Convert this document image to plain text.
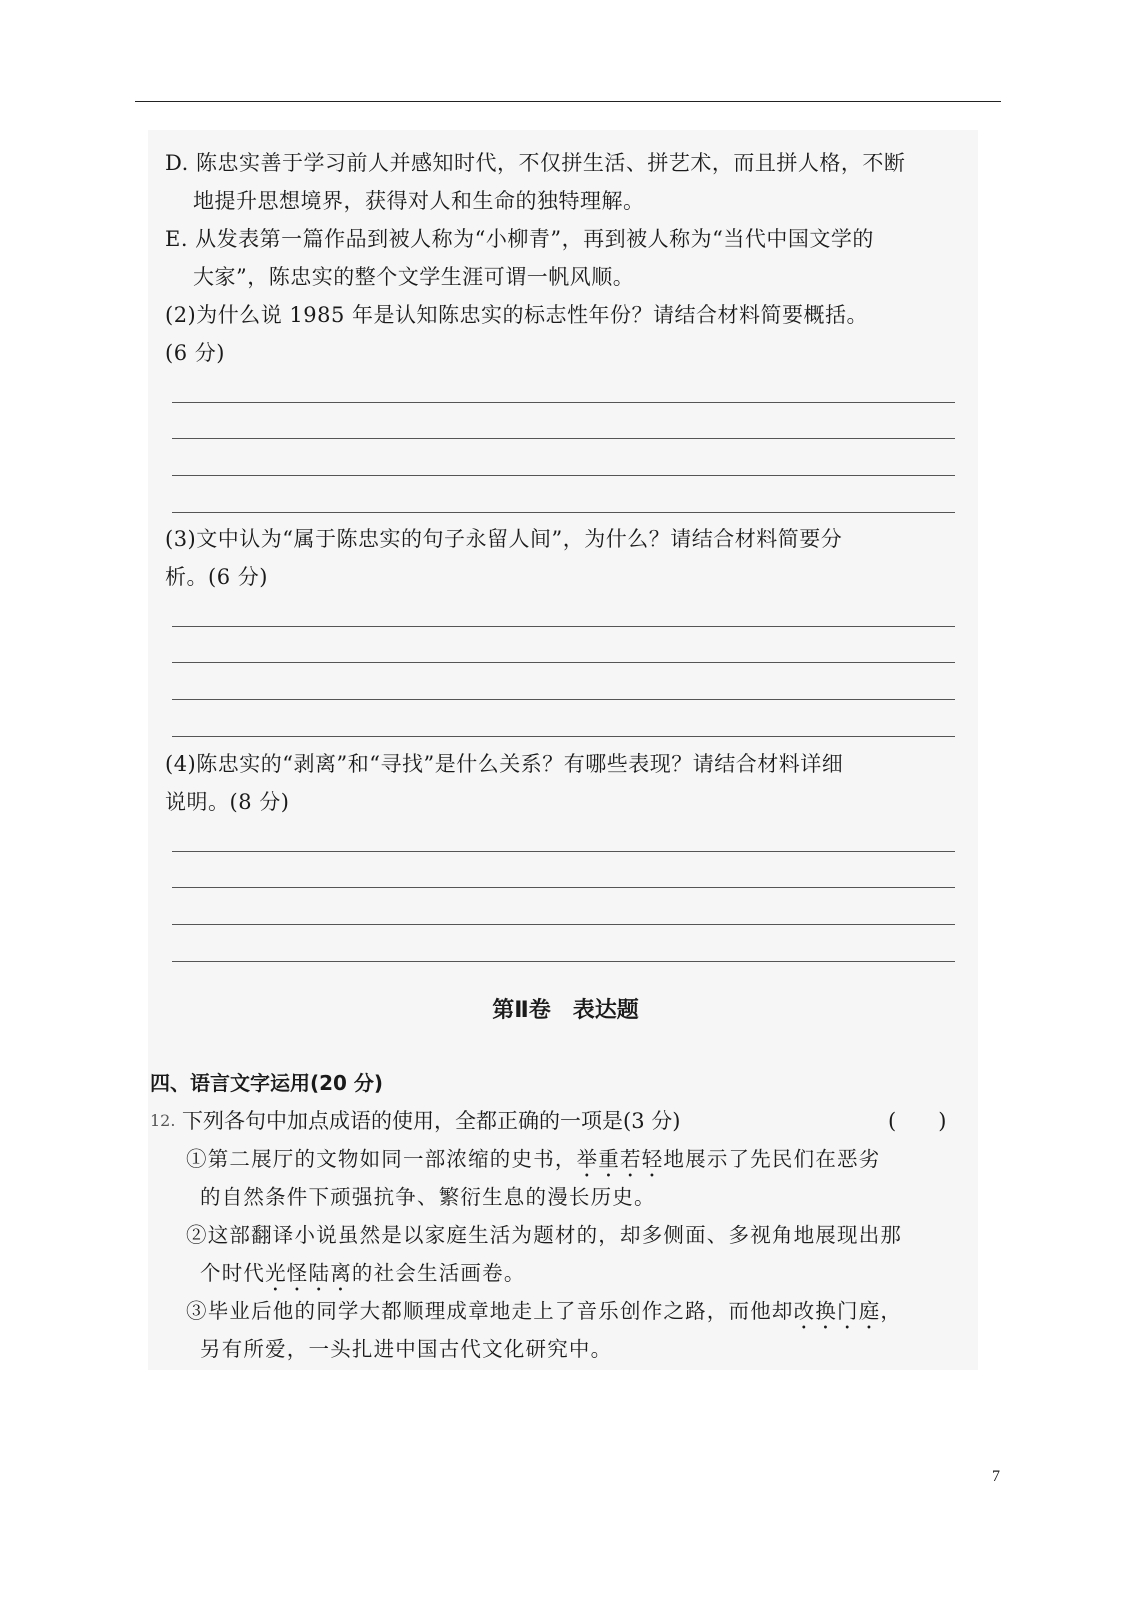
D. 陈忠实善于学习前人并感知时代，不仅拼生活、拼艺术，而且拼人格，不断
地提升思想境界，获得对人和生命的独特理解。
E. 从发表第一篇作品到被人称为“小柳青”，再到被人称为“当代中国文学的
大家”，陈忠实的整个文学生涯可谓一帆风顺。
(2)为什么说 1985 年是认知陈忠实的标志性年份？请结合材料简要概括。
(6 分)
(3)文中认为“属于陈忠实的句子永留人间”，为什么？请结合材料简要分
析。(6 分)
(4)陈忠实的“剥离”和“寻找”是什么关系？有哪些表现？请结合材料详细
说明。(8 分)
第Ⅱ卷　表达题
四、语言文字运用(20 分)
12. 下列各句中加点成语的使用，全都正确的一项是(3 分)	(　　)
①第二展厅的文物如同一部浓缩的史书，举重若轻地展示了先民们在恶劣
的自然条件下顽强抗争、繁衍生息的漫长历史。
②这部翻译小说虽然是以家庭生活为题材的，却多侧面、多视角地展现出那
个时代光怪陆离的社会生活画卷。
③毕业后他的同学大都顺理成章地走上了音乐创作之路，而他却改换门庭，
另有所爱，一头扎进中国古代文化研究中。
7
